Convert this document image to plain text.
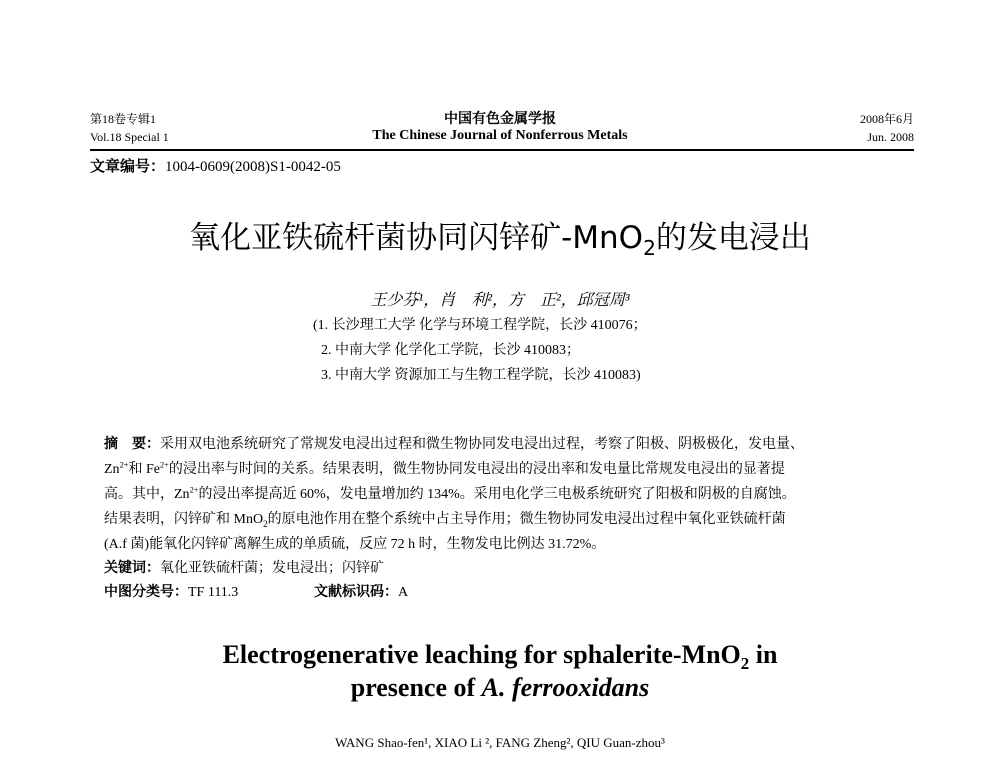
第18卷专辑1
Vol.18 Special 1
中国有色金属学报
The Chinese Journal of Nonferrous Metals
2008年6月
Jun. 2008
文章编号：1004-0609(2008)S1-0042-05
氧化亚铁硫杆菌协同闪锌矿-MnO$_2$的发电浸出
王少芬¹，肖　利²，方　正²，邱冠周³
(1. 长沙理工大学 化学与环境工程学院，长沙 410076；
2. 中南大学 化学化工学院，长沙 410083；
3. 中南大学 资源加工与生物工程学院，长沙 410083)
摘　要：采用双电池系统研究了常规发电浸出过程和微生物协同发电浸出过程，考察了阳极、阴极极化，发电量、
$Zn^{2+}$和 $Fe^{2+}$的浸出率与时间的关系。结果表明，微生物协同发电浸出的浸出率和发电量比常规发电浸出的显著提
高。其中，$Zn^{2+}$的浸出率提高近 60%，发电量增加约 134%。采用电化学三电极系统研究了阳极和阴极的自腐蚀。
结果表明，闪锌矿和 MnO$_2$的原电池作用在整个系统中占主导作用；微生物协同发电浸出过程中氧化亚铁硫杆菌
(A.f 菌)能氧化闪锌矿离解生成的单质硫，反应 72 h 时，生物发电比例达 31.72%。
关键词：氧化亚铁硫杆菌；发电浸出；闪锌矿
中图分类号：TF 111.3	文献标识码：A
Electrogenerative leaching for sphalerite-MnO$_2$ in
presence of A. ferrooxidans
WANG Shao-fen¹, XIAO Li ², FANG Zheng², QIU Guan-zhou³
